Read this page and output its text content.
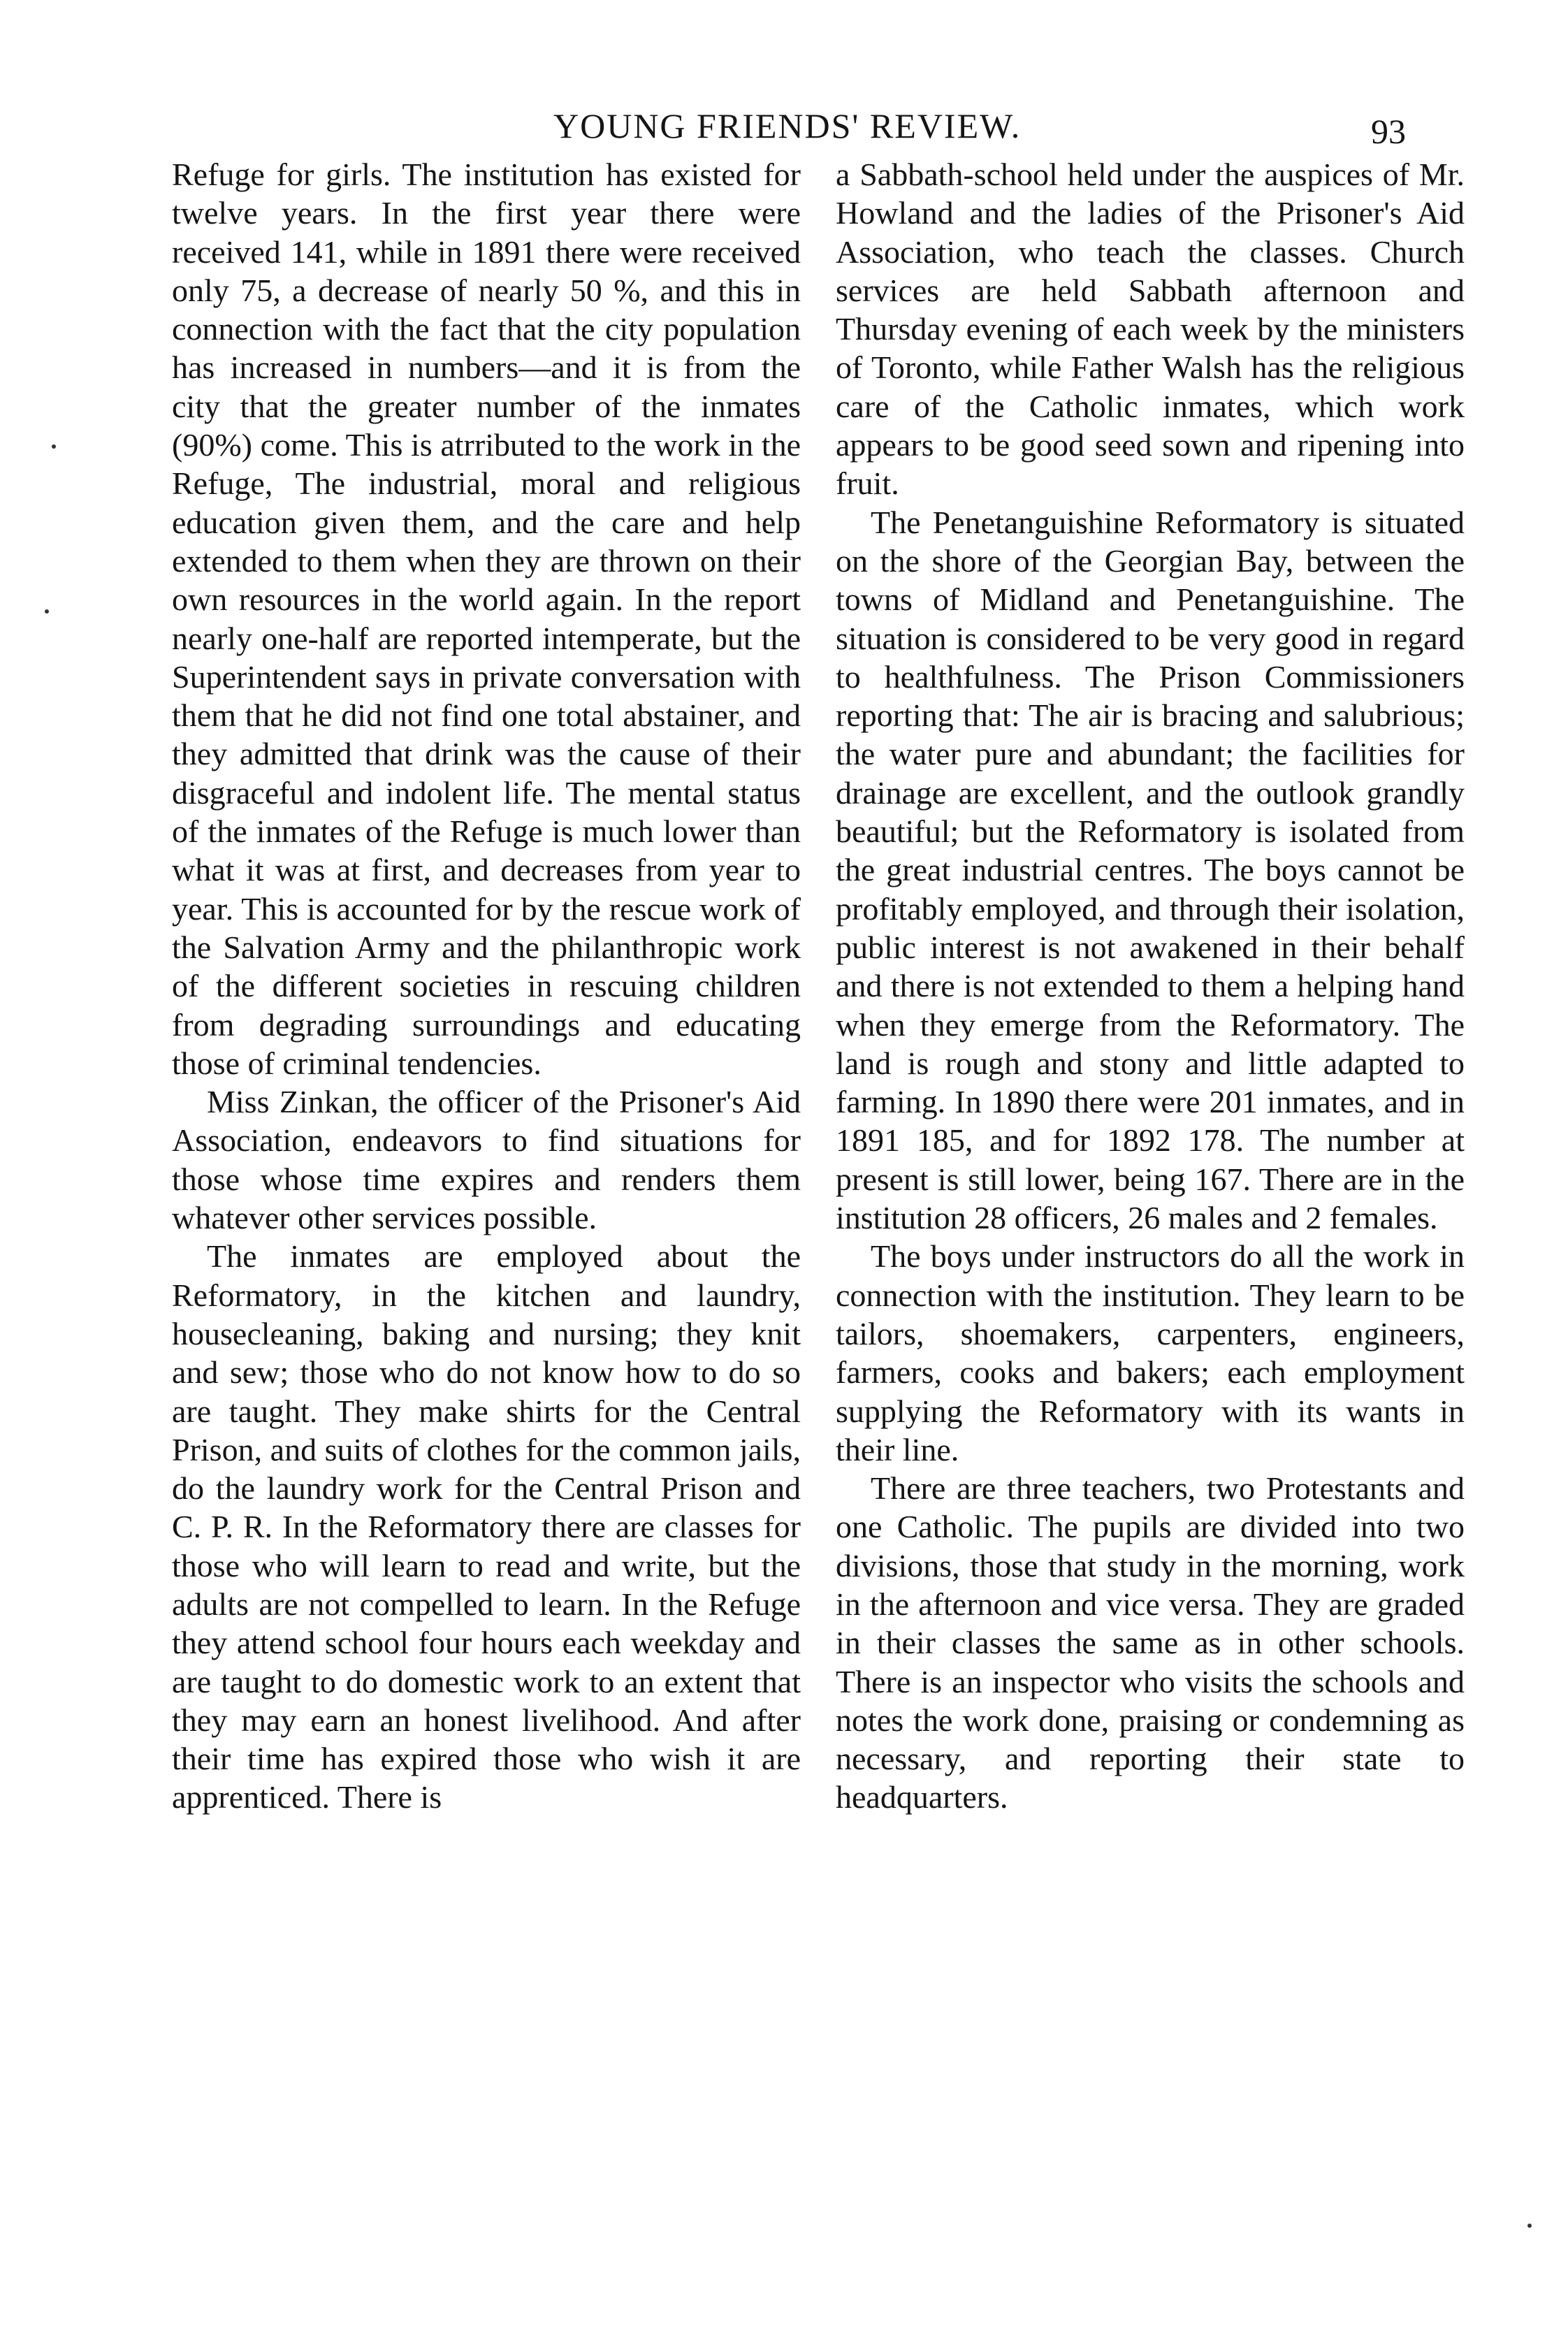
YOUNG FRIENDS' REVIEW.	93

Refuge for girls. The institution has existed for twelve years. In the first year there were received 141, while in 1891 there were received only 75, a decrease of nearly 50 %, and this in connection with the fact that the city population has increased in numbers—and it is from the city that the greater number of the inmates (90%) come. This is atrributed to the work in the Refuge, The industrial, moral and religious education given them, and the care and help extended to them when they are thrown on their own resources in the world again. In the report nearly one-half are reported intemperate, but the Superintendent says in private conversation with them that he did not find one total abstainer, and they admitted that drink was the cause of their disgraceful and indolent life. The mental status of the inmates of the Refuge is much lower than what it was at first, and decreases from year to year. This is accounted for by the rescue work of the Salvation Army and the philanthropic work of the different societies in rescuing children from degrading surroundings and educating those of criminal tendencies.

Miss Zinkan, the officer of the Prisoner's Aid Association, endeavors to find situations for those whose time expires and renders them whatever other services possible.

The inmates are employed about the Reformatory, in the kitchen and laundry, housecleaning, baking and nursing; they knit and sew; those who do not know how to do so are taught. They make shirts for the Central Prison, and suits of clothes for the common jails, do the laundry work for the Central Prison and C. P. R. In the Reformatory there are classes for those who will learn to read and write, but the adults are not compelled to learn. In the Refuge they attend school four hours each weekday and are taught to do domestic work to an extent that they may earn an honest livelihood. And after their time has expired those who wish it are apprenticed. There is

a Sabbath-school held under the auspices of Mr. Howland and the ladies of the Prisoner's Aid Association, who teach the classes. Church services are held Sabbath afternoon and Thursday evening of each week by the ministers of Toronto, while Father Walsh has the religious care of the Catholic inmates, which work appears to be good seed sown and ripening into fruit.

The Penetanguishine Reformatory is situated on the shore of the Georgian Bay, between the towns of Midland and Penetanguishine. The situation is considered to be very good in regard to healthfulness. The Prison Commissioners reporting that: The air is bracing and salubrious; the water pure and abundant; the facilities for drainage are excellent, and the outlook grandly beautiful; but the Reformatory is isolated from the great industrial centres. The boys cannot be profitably employed, and through their isolation, public interest is not awakened in their behalf and there is not extended to them a helping hand when they emerge from the Reformatory. The land is rough and stony and little adapted to farming. In 1890 there were 201 inmates, and in 1891 185, and for 1892 178. The number at present is still lower, being 167. There are in the institution 28 officers, 26 males and 2 females.

The boys under instructors do all the work in connection with the institution. They learn to be tailors, shoemakers, carpenters, engineers, farmers, cooks and bakers; each employment supplying the Reformatory with its wants in their line.

There are three teachers, two Protestants and one Catholic. The pupils are divided into two divisions, those that study in the morning, work in the afternoon and vice versa. They are graded in their classes the same as in other schools. There is an inspector who visits the schools and notes the work done, praising or condemning as necessary, and reporting their state to headquarters.
